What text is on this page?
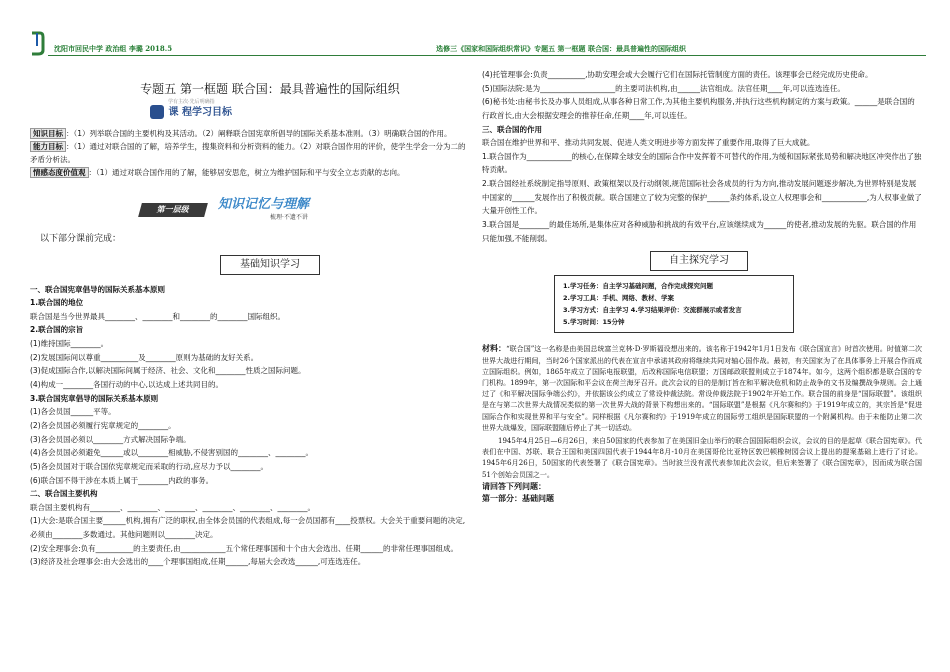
沈阳市回民中学 政治组 李璐 2018.5	选修三《国家和国际组织常识》专题五 第一框题 联合国：最具普遍性的国际组织
专题五 第一框题 联合国：最具普遍性的国际组织
学有主次·先后明确指
课 程学习目标

知识目标 ：（1）列举联合国的主要机构及其活动。（2）阐释联合国宪章所倡导的国际关系基本准则。（3）明确联合国的作用。

能力目标 ：（1）通过对联合国的了解，培养学生，搜集资料和分析资料的能力。（2）对联合国作用的评价，使学生学会一分为二的矛盾分析法。

情感态度价值观 ：（1）通过对联合国作用的了解，能够居安思危，树立为维护国际和平与安全立志贡献的志向。

第一层级	知识记忆与理解
梳理·不遗不讲
以下部分课前完成：
基础知识学习
一、联合国宪章倡导的国际关系基本原则
1.联合国的地位
联合国是当今世界最具________、________和________的________国际组织。
2.联合国的宗旨
(1)维持国际________。
(2)发展国际间以尊重__________及________原则为基础的友好关系。
(3)促成国际合作,以解决国际间属于经济、社会、文化和________性质之国际问题。
(4)构成一________各国行动的中心,以达成上述共同目的。
3.联合国宪章倡导的国际关系基本原则
(1)各会员国______平等。
(2)各会员国必须履行宪章规定的________。
(3)各会员国必须以________方式解决国际争端。
(4)各会员国必须避免______或以________相威胁,不侵害别国的________、________。
(5)各会员国对于联合国依宪章规定而采取的行动,应尽力予以________。
(6)联合国不得干涉在本质上属于________内政的事务。
二、联合国主要机构
联合国主要机构有________、________、________、________、________、________。
(1)大会:是联合国主要______机构,拥有广泛的职权,由全体会员国的代表组成,每一会员国都有____投票权。大会关于重要问题的决定,必须由________多数通过。其他问题则以________决定。
(2)安全理事会:负有__________的主要责任,由____________五个常任理事国和十个由大会选出、任期______的非常任理事国组成。
(3)经济及社会理事会:由大会选出的____个理事国组成,任期______,每届大会改选______,可连选连任。
(4)托管理事会:负责__________,协助安理会或大会履行它们在国际托管制度方面的责任。该理事会已经完成历史使命。
(5)国际法院:是为____________________的主要司法机构,由______法官组成。法官任期____年,可以连选连任。
(6)秘书处:由秘书长及办事人员组成,从事各种日常工作,为其他主要机构服务,并执行这些机构制定的方案与政策。______是联合国的行政首长,由大会根据安理会的推荐任命,任期____年,可以连任。
三、联合国的作用
联合国在维护世界和平、推动共同发展、促进人类文明进步等方面发挥了重要作用,取得了巨大成就。
1.联合国作为____________的核心,在保障全球安全的国际合作中发挥着不可替代的作用,为缓和国际紧张局势和解决地区冲突作出了独特贡献。
2.联合国经社系统制定指导原则、政策框架以及行动纲领,规范国际社会各成员的行为方向,推动发展问题逐步解决,为世界特别是发展中国家的______发展作出了积极贡献。联合国建立了较为完整的保护______条约体系,设立人权理事会和____________,为人权事业做了大量开创性工作。
3.联合国是________的最佳场所,是集体应对各种威胁和挑战的有效平台,应该继续成为______的使者,推动发展的先驱。联合国的作用只能加强,不能削弱。
自主探究学习
1.学习任务：自主学习基础问题，合作完成探究问题
2.学习工具：手机、网络、教材、学案
3.学习方式：自主学习 4.学习结果评价：交流群展示或者发言
5.学习时间：15分钟
材料：“联合国”这一名称是由美国总统富兰克林·D·罗斯福设想出来的。该名称于1942年1月1日发布《联合国宣言》时首次使用。时值第二次世界大战进行期间，当时26个国家派出的代表在宣言中承诺其政府将继续共同对轴心国作战。最初，有关国家为了在具体事务上开展合作而成立国际组织。例如，1865年成立了国际电报联盟，后改称国际电信联盟；万国邮政联盟则成立于1874年。如今，这两个组织都是联合国的专门机构。1899年，第一次国际和平会议在荷兰海牙召开。此次会议的目的是制订旨在和平解决危机和防止战争的文书及编撰战争规则。会上通过了《和平解决国际争端公约》，并依据该公约成立了常设仲裁法院。常设仲裁法院于1902年开始工作。联合国的前身是“国际联盟”。该组织是在与第二次世界大战情况类似的第一次世界大战的背景下构想出来的。“国际联盟”是根据《凡尔赛和约》于1919年成立的，其宗旨是“促进国际合作和实现世界和平与安全”。同样根据《凡尔赛和约》于1919年成立的国际劳工组织是国际联盟的一个附属机构。由于未能防止第二次世界大战爆发，国际联盟随后停止了其一切活动。
1945年4月25日—6月26日，来自50国家的代表参加了在美国旧金山举行的联合国国际组织会议，会议的目的是起草《联合国宪章》。代表们在中国、苏联、联合王国和美国四国代表于1944年8月-10月在美国哥伦比亚特区敦巴顿橡树园会议上提出的提案基础上进行了讨论。1945年6月26日，50国家的代表签署了《联合国宪章》。当时波兰没有派代表参加此次会议，但后来签署了《联合国宪章》，因而成为联合国51个创始会员国之一。
请回答下列问题：
第一部分：基础问题
